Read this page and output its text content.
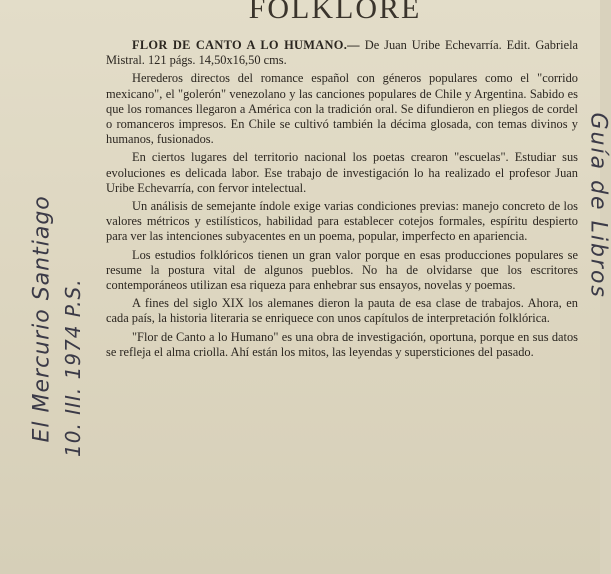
FOLKLORE

FLOR DE CANTO A LO HUMANO.— De Juan Uribe Echevarría. Edit. Gabriela Mistral. 121 págs. 14,50x16,50 cms.

Herederos directos del romance español con géneros populares como el "corrido mexicano", el "golerón" venezolano y las canciones populares de Chile y Argentina. Sabido es que los romances llegaron a América con la tradición oral. Se difundieron en pliegos de cordel o romanceros impresos. En Chile se cultivó también la décima glosada, con temas divinos y humanos, fusionados.

En ciertos lugares del territorio nacional los poetas crearon "escuelas". Estudiar sus evoluciones es delicada labor. Ese trabajo de investigación lo ha realizado el profesor Juan Uribe Echevarría, con fervor intelectual.

Un análisis de semejante índole exige varias condiciones previas: manejo concreto de los valores métricos y estilísticos, habilidad para establecer cotejos formales, espíritu despierto para ver las intenciones subyacentes en un poema, popular, imperfecto en apariencia.

Los estudios folklóricos tienen un gran valor porque en esas producciones populares se resume la postura vital de algunos pueblos. No ha de olvidarse que los escritores contemporáneos utilizan esa riqueza para enhebrar sus ensayos, novelas y poemas.

A fines del siglo XIX los alemanes dieron la pauta de esa clase de trabajos. Ahora, en cada país, la historia literaria se enriquece con unos capítulos de interpretación folklórica.

"Flor de Canto a lo Humano" es una obra de investigación, oportuna, porque en sus datos se refleja el alma criolla. Ahí están los mitos, las leyendas y supersticiones del pasado.

El Mercurio Santiago 10. III. 1974 P.S.
Guía de Libros
